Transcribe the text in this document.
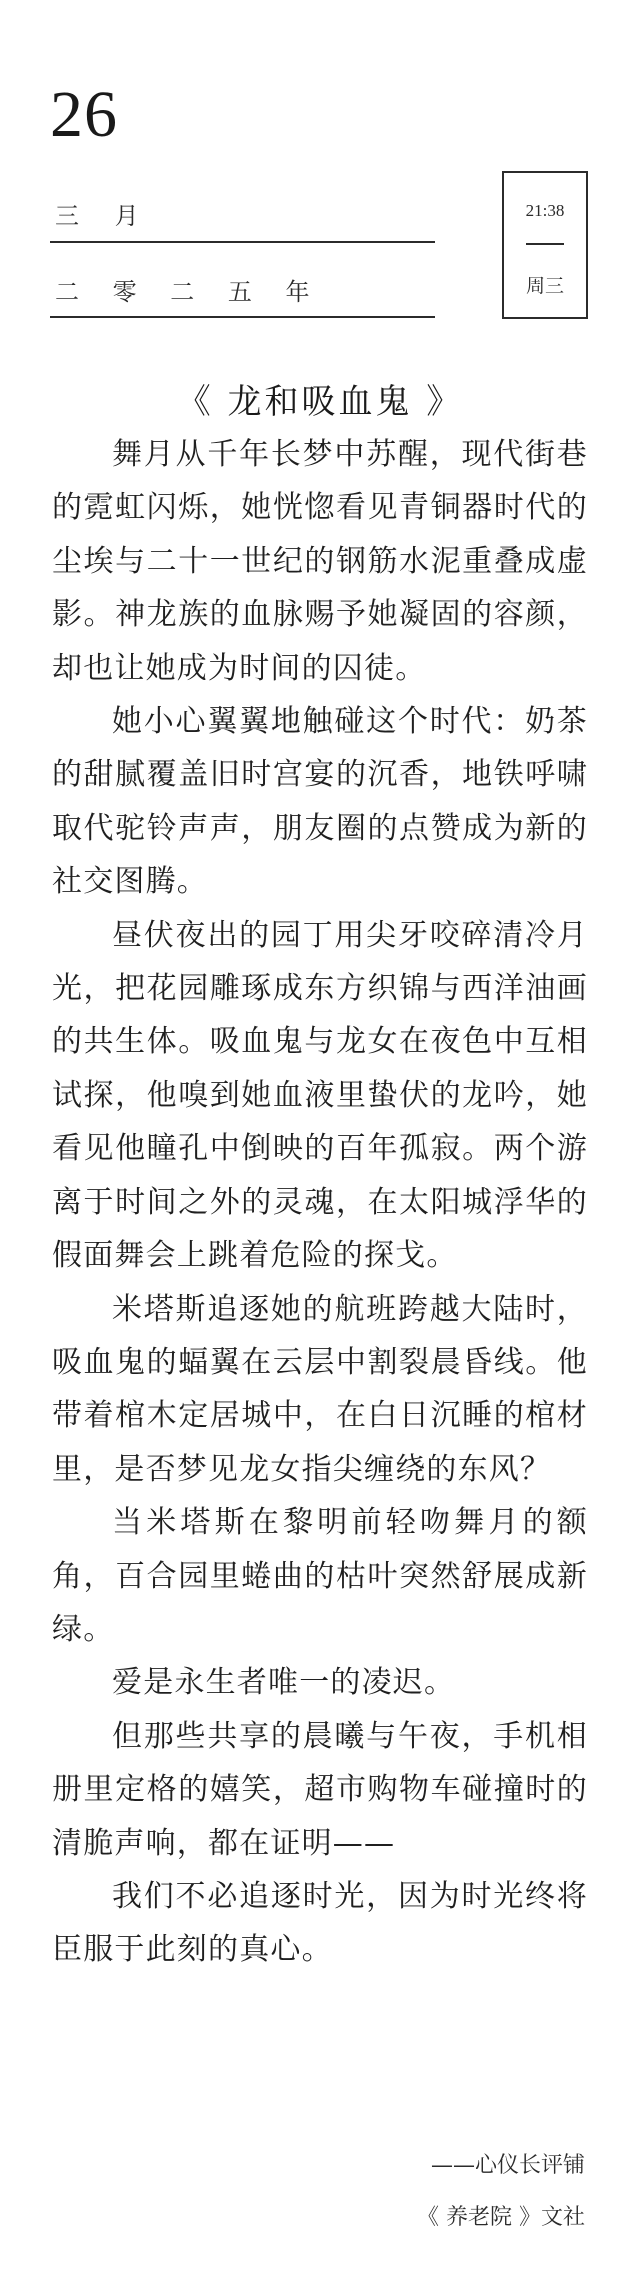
26
三 月
二 零 二 五 年
21:38
周三
《 龙和吸血鬼 》

舞月从千年长梦中苏醒，现代街巷的霓虹闪烁，她恍惚看见青铜器时代的尘埃与二十一世纪的钢筋水泥重叠成虚影。神龙族的血脉赐予她凝固的容颜，却也让她成为时间的囚徒。

她小心翼翼地触碰这个时代：奶茶的甜腻覆盖旧时宫宴的沉香，地铁呼啸取代驼铃声声，朋友圈的点赞成为新的社交图腾。

昼伏夜出的园丁用尖牙咬碎清冷月光，把花园雕琢成东方织锦与西洋油画的共生体。吸血鬼与龙女在夜色中互相试探，他嗅到她血液里蛰伏的龙吟，她看见他瞳孔中倒映的百年孤寂。两个游离于时间之外的灵魂，在太阳城浮华的假面舞会上跳着危险的探戈。

米塔斯追逐她的航班跨越大陆时，吸血鬼的蝠翼在云层中割裂晨昏线。他带着棺木定居城中，在白日沉睡的棺材里，是否梦见龙女指尖缠绕的东风？

当米塔斯在黎明前轻吻舞月的额角，百合园里蜷曲的枯叶突然舒展成新绿。

爱是永生者唯一的凌迟。

但那些共享的晨曦与午夜，手机相册里定格的嬉笑，超市购物车碰撞时的清脆声响，都在证明——

我们不必追逐时光，因为时光终将臣服于此刻的真心。

——心仪长评铺
《 养老院 》文社
